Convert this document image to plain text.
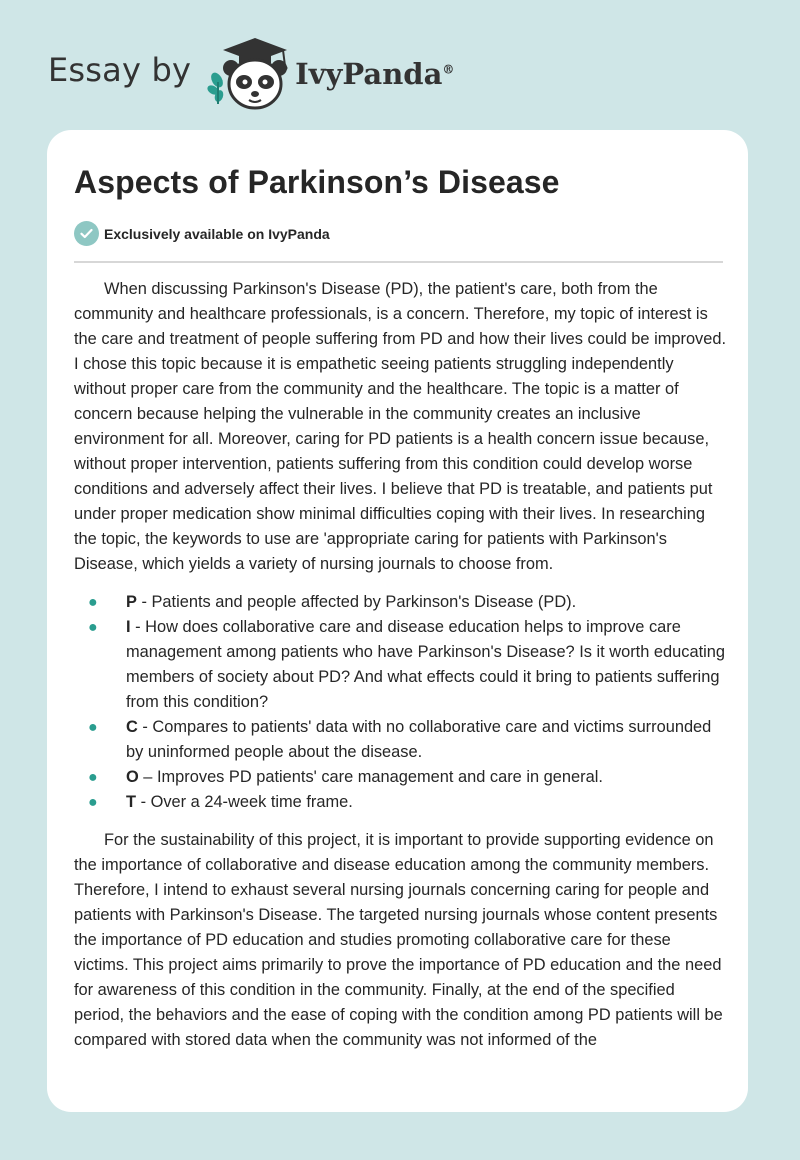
Essay by	IvyPanda®
Aspects of Parkinson’s Disease
Exclusively available on IvyPanda

When discussing Parkinson's Disease (PD), the patient's care, both from the community and healthcare professionals, is a concern. Therefore, my topic of interest is the care and treatment of people suffering from PD and how their lives could be improved. I chose this topic because it is empathetic seeing patients struggling independently without proper care from the community and the healthcare. The topic is a matter of concern because helping the vulnerable in the community creates an inclusive environment for all. Moreover, caring for PD patients is a health concern issue because, without proper intervention, patients suffering from this condition could develop worse conditions and adversely affect their lives. I believe that PD is treatable, and patients put under proper medication show minimal difficulties coping with their lives. In researching the topic, the keywords to use are 'appropriate caring for patients with Parkinson's Disease, which yields a variety of nursing journals to choose from.

● P - Patients and people affected by Parkinson's Disease (PD).
● I - How does collaborative care and disease education helps to improve care management among patients who have Parkinson's Disease? Is it worth educating members of society about PD? And what effects could it bring to patients suffering from this condition?
● C - Compares to patients' data with no collaborative care and victims surrounded by uninformed people about the disease.
● O – Improves PD patients' care management and care in general.
● T - Over a 24-week time frame.

For the sustainability of this project, it is important to provide supporting evidence on the importance of collaborative and disease education among the community members. Therefore, I intend to exhaust several nursing journals concerning caring for people and patients with Parkinson's Disease. The targeted nursing journals whose content presents the importance of PD education and studies promoting collaborative care for these victims. This project aims primarily to prove the importance of PD education and the need for awareness of this condition in the community. Finally, at the end of the specified period, the behaviors and the ease of coping with the condition among PD patients will be compared with stored data when the community was not informed of the
